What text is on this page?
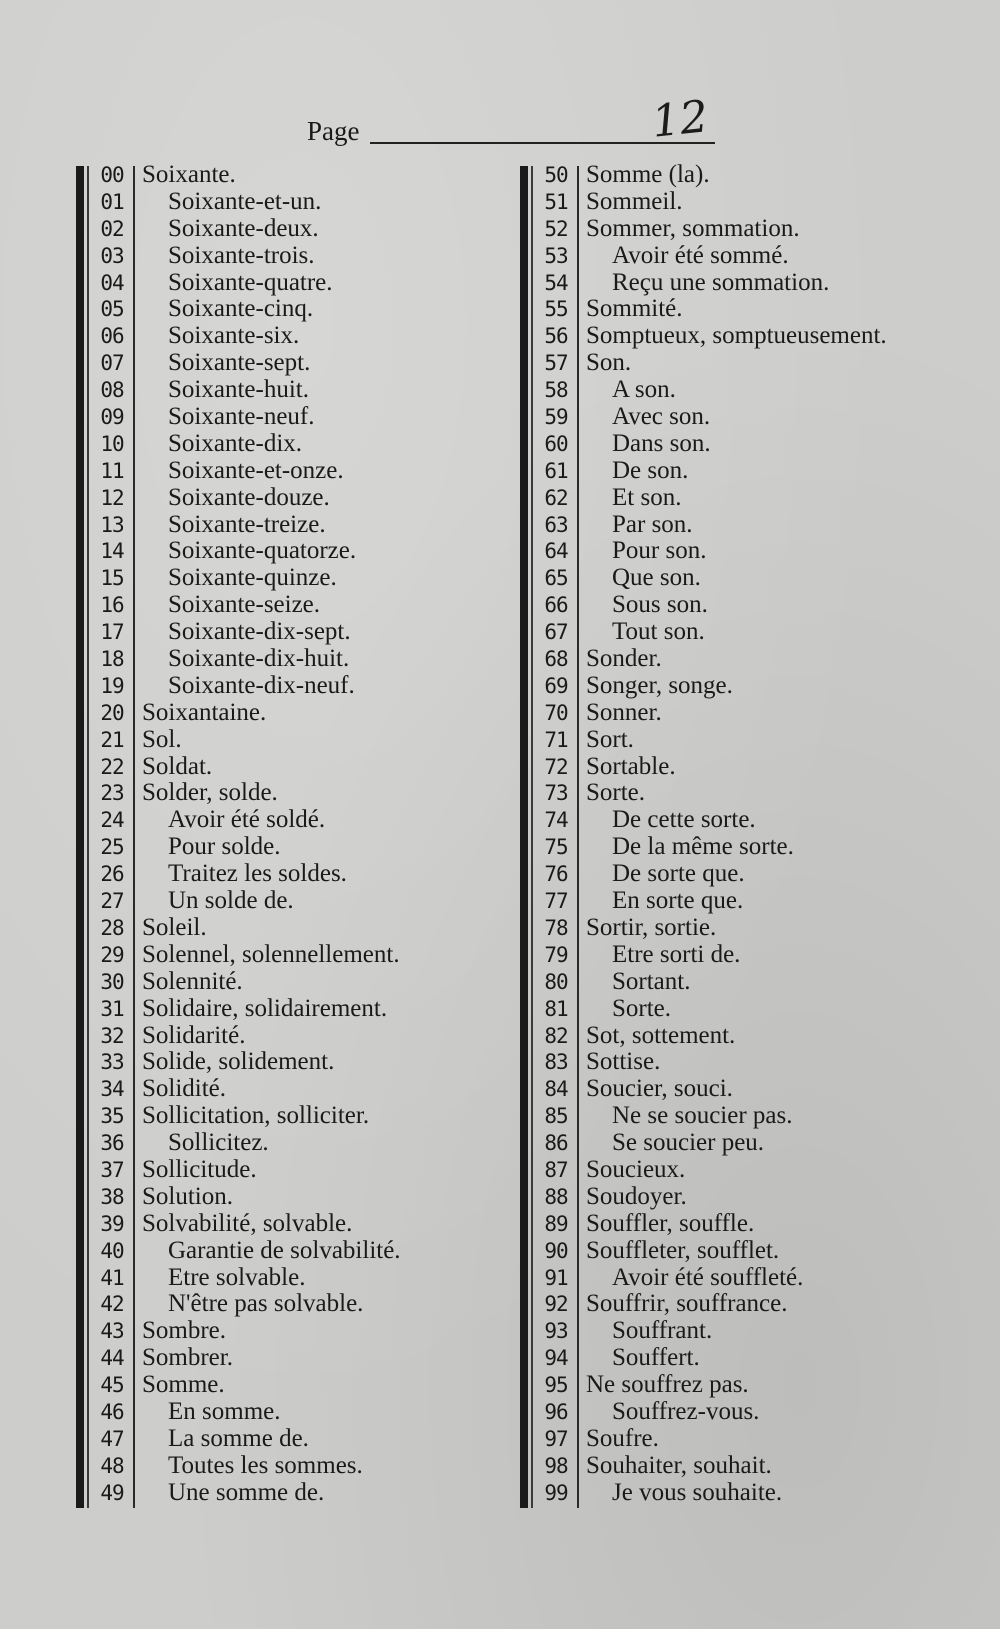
Page	12
00 Soixante.
01	Soixante-et-un.
02	Soixante-deux.
03	Soixante-trois.
04	Soixante-quatre.
05	Soixante-cinq.
06	Soixante-six.
07	Soixante-sept.
08	Soixante-huit.
09	Soixante-neuf.
10	Soixante-dix.
11	Soixante-et-onze.
12	Soixante-douze.
13	Soixante-treize.
14	Soixante-quatorze.
15	Soixante-quinze.
16	Soixante-seize.
17	Soixante-dix-sept.
18	Soixante-dix-huit.
19	Soixante-dix-neuf.
20 Soixantaine.
21 Sol.
22 Soldat.
23 Solder, solde.
24	Avoir été soldé.
25	Pour solde.
26	Traitez les soldes.
27	Un solde de.
28 Soleil.
29 Solennel, solennellement.
30 Solennité.
31 Solidaire, solidairement.
32 Solidarité.
33 Solide, solidement.
34 Solidité.
35 Sollicitation, solliciter.
36	Sollicitez.
37 Sollicitude.
38 Solution.
39 Solvabilité, solvable.
40	Garantie de solvabilité.
41	Etre solvable.
42	N'être pas solvable.
43 Sombre.
44 Sombrer.
45 Somme.
46	En somme.
47	La somme de.
48	Toutes les sommes.
49	Une somme de.
50 Somme (la).
51 Sommeil.
52 Sommer, sommation.
53	Avoir été sommé.
54	Reçu une sommation.
55 Sommité.
56 Somptueux, somptueusement.
57 Son.
58	A son.
59	Avec son.
60	Dans son.
61	De son.
62	Et son.
63	Par son.
64	Pour son.
65	Que son.
66	Sous son.
67	Tout son.
68 Sonder.
69 Songer, songe.
70 Sonner.
71 Sort.
72 Sortable.
73 Sorte.
74	De cette sorte.
75	De la même sorte.
76	De sorte que.
77	En sorte que.
78 Sortir, sortie.
79	Etre sorti de.
80	Sortant.
81	Sorte.
82 Sot, sottement.
83 Sottise.
84 Soucier, souci.
85	Ne se soucier pas.
86	Se soucier peu.
87 Soucieux.
88 Soudoyer.
89 Souffler, souffle.
90 Souffleter, soufflet.
91	Avoir été souffleté.
92 Souffrir, souffrance.
93	Souffrant.
94	Souffert.
95 Ne souffrez pas.
96	Souffrez-vous.
97 Soufre.
98 Souhaiter, souhait.
99	Je vous souhaite.
